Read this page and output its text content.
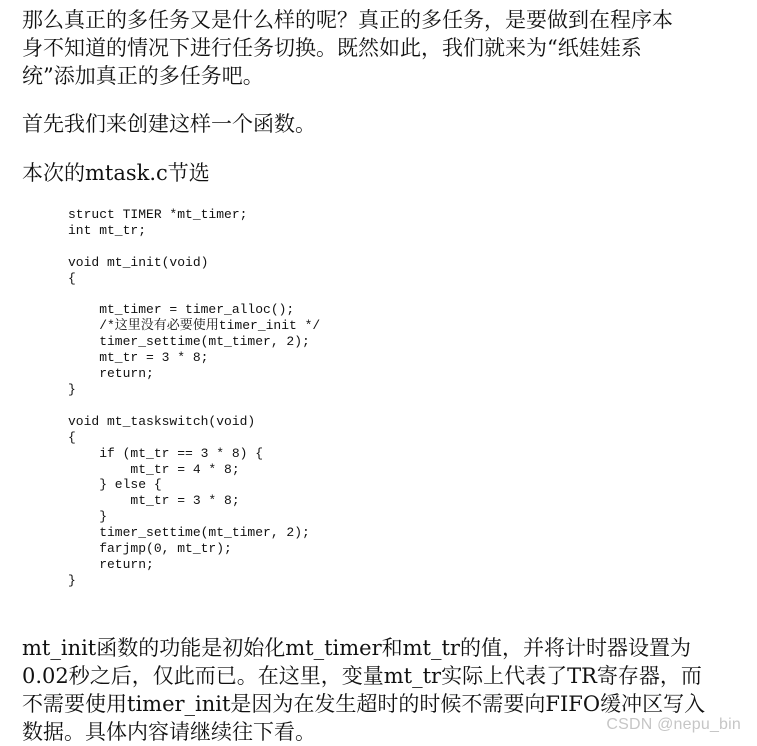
那么真正的多任务又是什么样的呢？真正的多任务，是要做到在程序本
身不知道的情况下进行任务切换。既然如此，我们就来为“纸娃娃系
统”添加真正的多任务吧。

首先我们来创建这样一个函数。

本次的mtask.c节选

struct TIMER *mt_timer;
int mt_tr;

void mt_init(void)
{

mt_timer = timer_alloc();
/*这里没有必要使用timer_init */
timer_settime(mt_timer, 2);
mt_tr = 3 * 8;
return;
}

void mt_taskswitch(void)
{
if (mt_tr == 3 * 8) {
mt_tr = 4 * 8;
} else {
mt_tr = 3 * 8;
}
timer_settime(mt_timer, 2);
farjmp(0, mt_tr);
return;
}

mt_init函数的功能是初始化mt_timer和mt_tr的值，并将计时器设置为
0.02秒之后，仅此而已。在这里，变量mt_tr实际上代表了TR寄存器，而
不需要使用timer_init是因为在发生超时的时候不需要向FIFO缓冲区写入
数据。具体内容请继续往下看。	CSDN @nepu_bin
